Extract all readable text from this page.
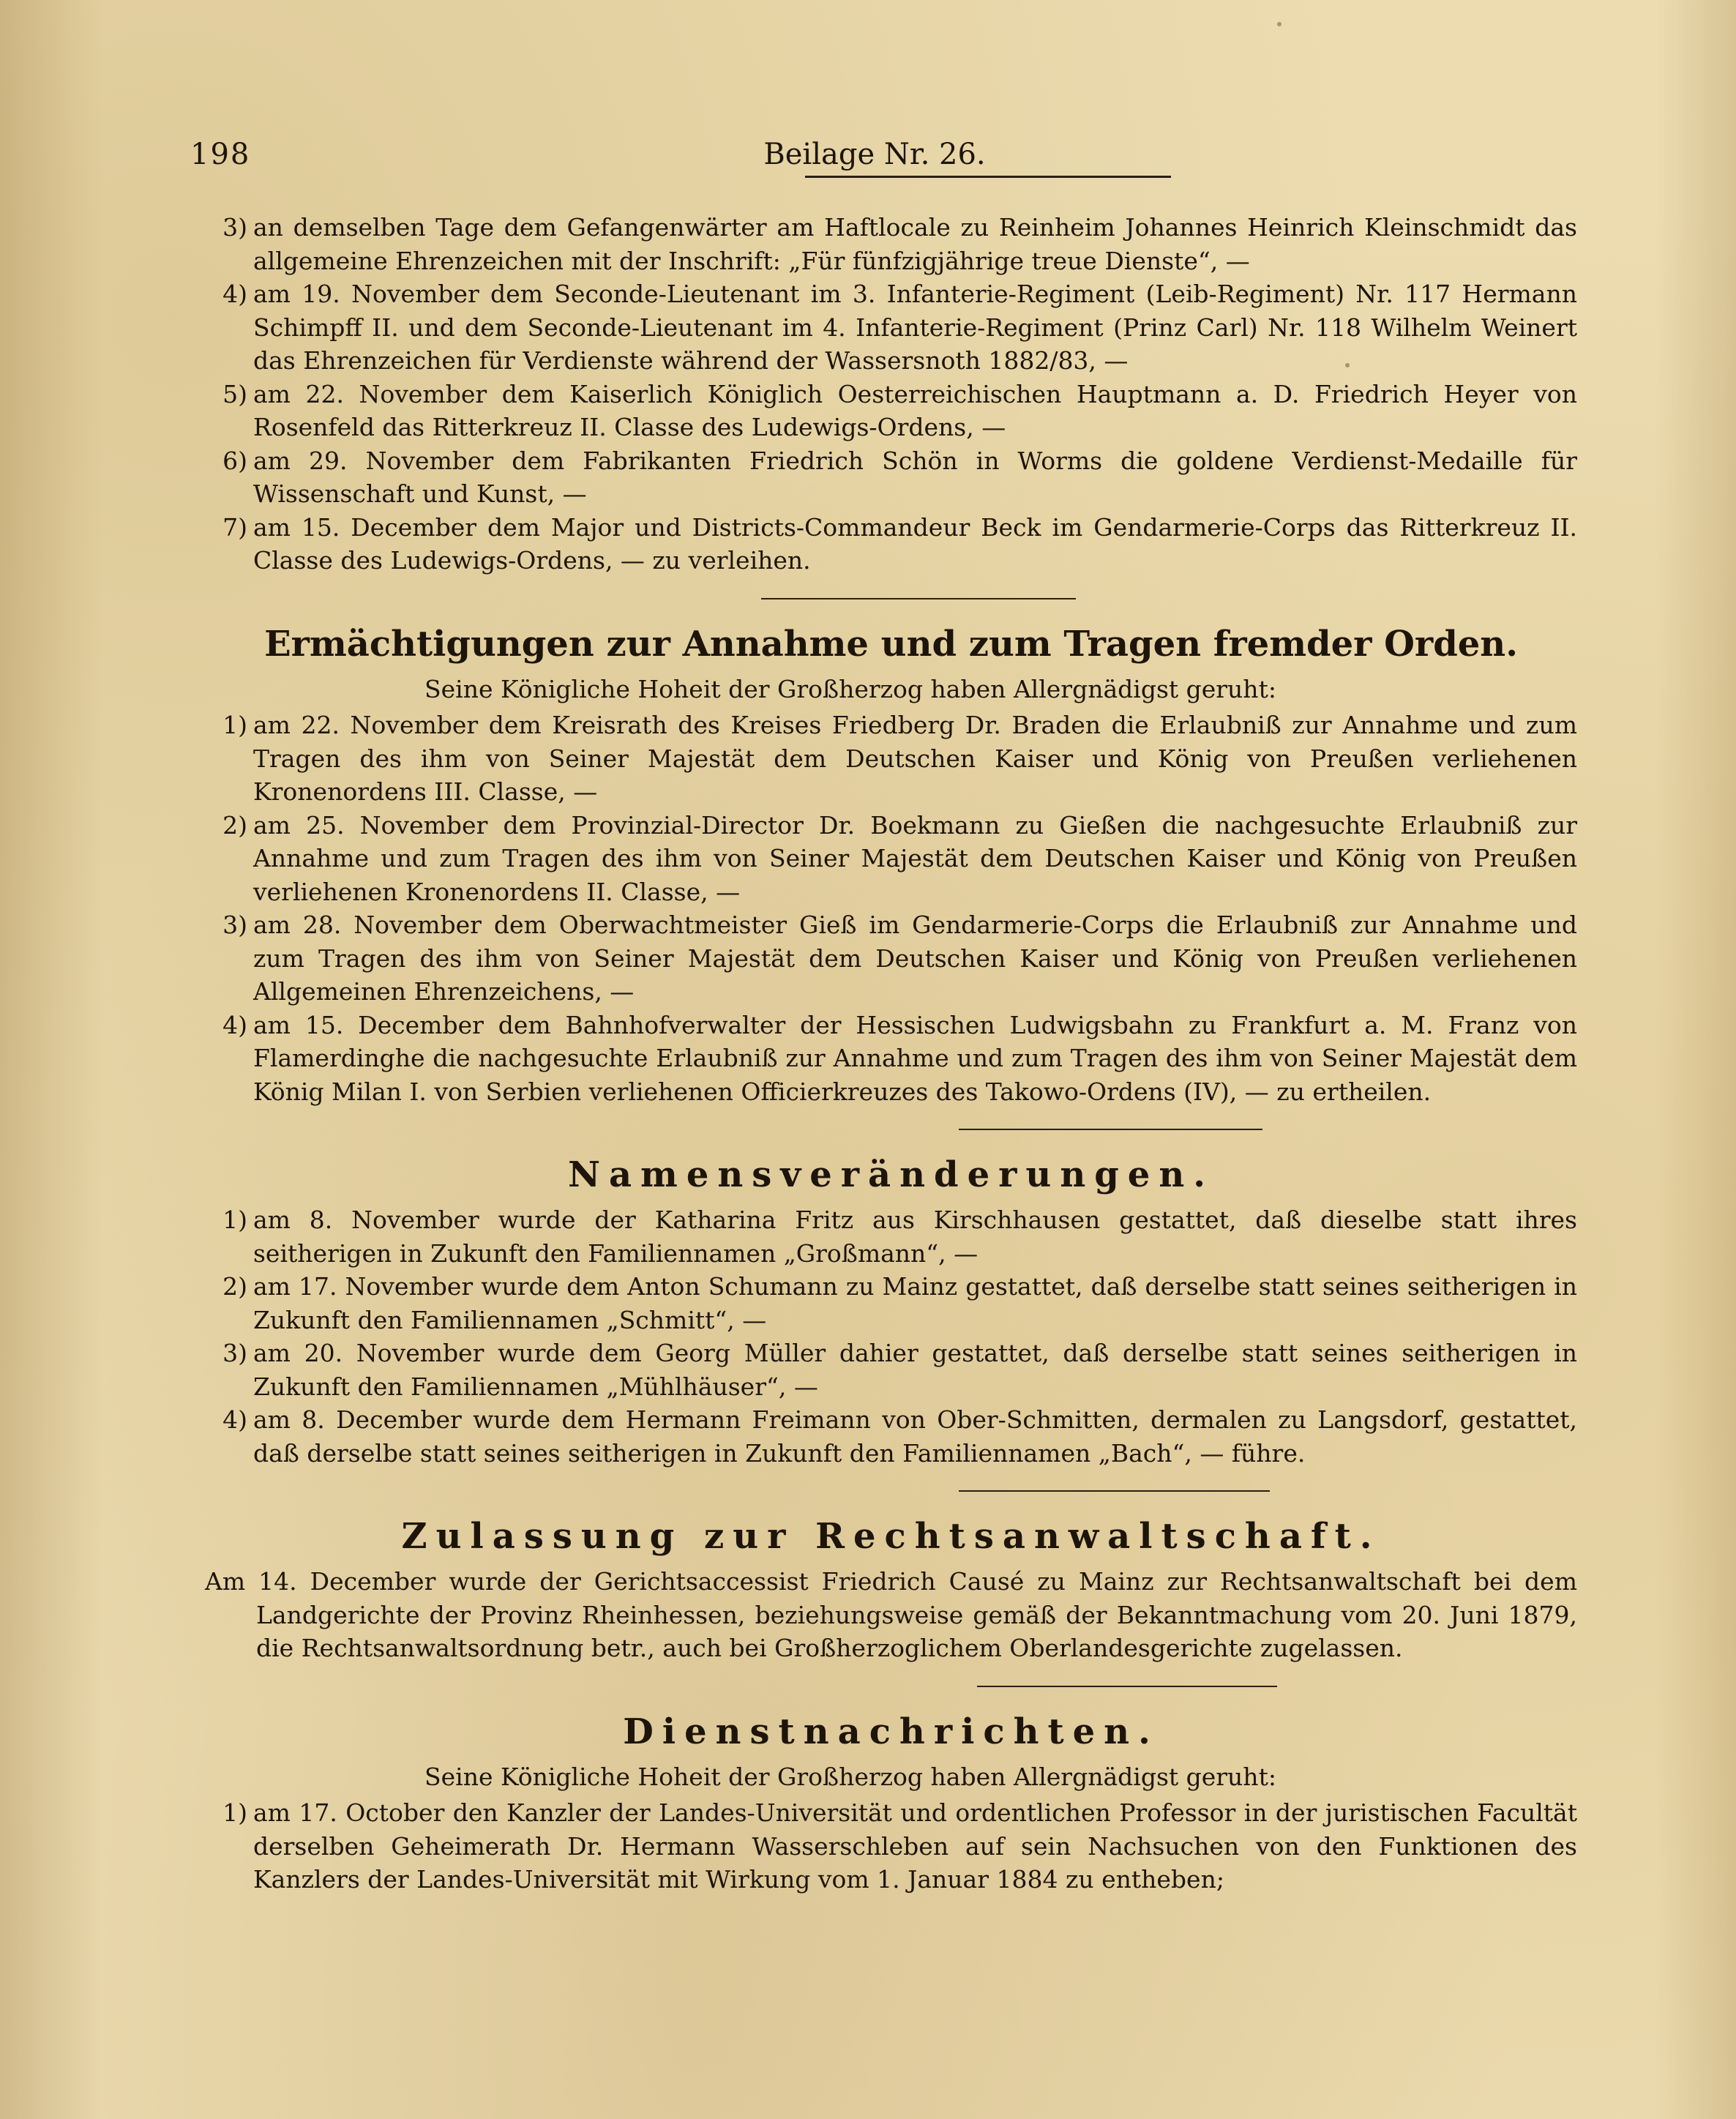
198	Beilage Nr. 26.
3) an demselben Tage dem Gefangenwärter am Haftlocale zu Reinheim Johannes Heinrich Kleinschmidt das allgemeine Ehrenzeichen mit der Inschrift: „Für fünfzigjährige treue Dienste“, —
4) am 19. November dem Seconde-Lieutenant im 3. Infanterie-Regiment (Leib-Regiment) Nr. 117 Hermann Schimpff II. und dem Seconde-Lieutenant im 4. Infanterie-Regiment (Prinz Carl) Nr. 118 Wilhelm Weinert das Ehrenzeichen für Verdienste während der Wassersnoth 1882/83, —
5) am 22. November dem Kaiserlich Königlich Oesterreichischen Hauptmann a. D. Friedrich Heyer von Rosenfeld das Ritterkreuz II. Classe des Ludewigs-Ordens, —
6) am 29. November dem Fabrikanten Friedrich Schön in Worms die goldene Verdienst-Medaille für Wissenschaft und Kunst, —
7) am 15. December dem Major und Districts-Commandeur Beck im Gendarmerie-Corps das Ritterkreuz II. Classe des Ludewigs-Ordens, — zu verleihen.
Ermächtigungen zur Annahme und zum Tragen fremder Orden.

Seine Königliche Hoheit der Großherzog haben Allergnädigst geruht:

1) am 22. November dem Kreisrath des Kreises Friedberg Dr. Braden die Erlaubniß zur Annahme und zum Tragen des ihm von Seiner Majestät dem Deutschen Kaiser und König von Preußen verliehenen Kronenordens III. Classe, —
2) am 25. November dem Provinzial-Director Dr. Boekmann zu Gießen die nachgesuchte Erlaubniß zur Annahme und zum Tragen des ihm von Seiner Majestät dem Deutschen Kaiser und König von Preußen verliehenen Kronenordens II. Classe, —
3) am 28. November dem Oberwachtmeister Gieß im Gendarmerie-Corps die Erlaubniß zur Annahme und zum Tragen des ihm von Seiner Majestät dem Deutschen Kaiser und König von Preußen verliehenen Allgemeinen Ehrenzeichens, —
4) am 15. December dem Bahnhofverwalter der Hessischen Ludwigsbahn zu Frankfurt a. M. Franz von Flamerdinghe die nachgesuchte Erlaubniß zur Annahme und zum Tragen des ihm von Seiner Majestät dem König Milan I. von Serbien verliehenen Officierkreuzes des Takowo-Ordens (IV), — zu ertheilen.
Namensveränderungen.
1) am 8. November wurde der Katharina Fritz aus Kirschhausen gestattet, daß dieselbe statt ihres seitherigen in Zukunft den Familiennamen „Großmann“, —
2) am 17. November wurde dem Anton Schumann zu Mainz gestattet, daß derselbe statt seines seitherigen in Zukunft den Familiennamen „Schmitt“, —
3) am 20. November wurde dem Georg Müller dahier gestattet, daß derselbe statt seines seitherigen in Zukunft den Familiennamen „Mühlhäuser“, —
4) am 8. December wurde dem Hermann Freimann von Ober-Schmitten, dermalen zu Langsdorf, gestattet, daß derselbe statt seines seitherigen in Zukunft den Familiennamen „Bach“, — führe.
Zulassung zur Rechtsanwaltschaft.

Am 14. December wurde der Gerichtsaccessist Friedrich Causé zu Mainz zur Rechtsanwaltschaft bei dem Landgerichte der Provinz Rheinhessen, beziehungsweise gemäß der Bekanntmachung vom 20. Juni 1879, die Rechtsanwaltsordnung betr., auch bei Großherzoglichem Oberlandesgerichte zugelassen.

Dienstnachrichten.

Seine Königliche Hoheit der Großherzog haben Allergnädigst geruht:

1) am 17. October den Kanzler der Landes-Universität und ordentlichen Professor in der juristischen Facultät derselben Geheimerath Dr. Hermann Wasserschleben auf sein Nachsuchen von den Funktionen des Kanzlers der Landes-Universität mit Wirkung vom 1. Januar 1884 zu entheben;
